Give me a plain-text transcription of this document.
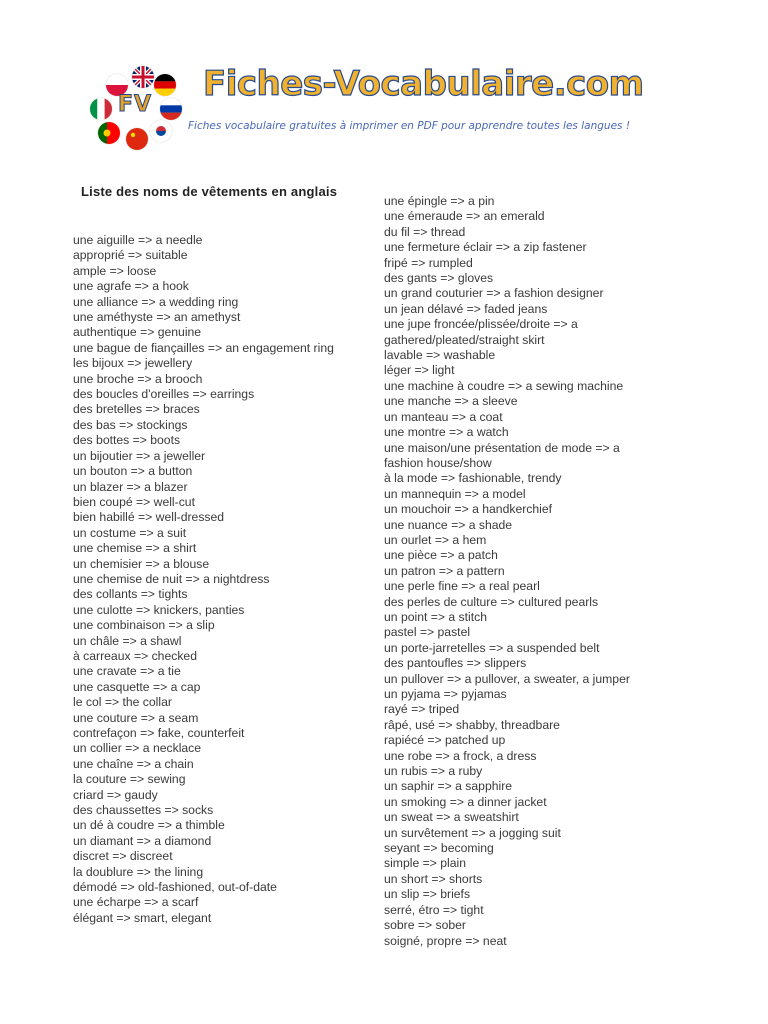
FV
Fiches-Vocabulaire.com
Fiches vocabulaire gratuites à imprimer en PDF pour apprendre toutes les langues !
Liste des noms de vêtements en anglais
une aiguille => a needle
approprié => suitable
ample => loose
une agrafe => a hook
une alliance => a wedding ring
une améthyste => an amethyst
authentique => genuine
une bague de fiançailles => an engagement ring
les bijoux => jewellery
une broche => a brooch
des boucles d'oreilles => earrings
des bretelles => braces
des bas => stockings
des bottes => boots
un bijoutier => a jeweller
un bouton => a button
un blazer => a blazer
bien coupé => well-cut
bien habillé => well-dressed
un costume => a suit
une chemise => a shirt
un chemisier => a blouse
une chemise de nuit => a nightdress
des collants => tights
une culotte => knickers, panties
une combinaison => a slip
un châle => a shawl
à carreaux => checked
une cravate => a tie
une casquette => a cap
le col => the collar
une couture => a seam
contrefaçon => fake, counterfeit
un collier => a necklace
une chaîne => a chain
la couture => sewing
criard => gaudy
des chaussettes => socks
un dé à coudre => a thimble
un diamant => a diamond
discret => discreet
la doublure => the lining
démodé => old-fashioned, out-of-date
une écharpe => a scarf
élégant => smart, elegant
une épingle => a pin
une émeraude => an emerald
du fil => thread
une fermeture éclair => a zip fastener
fripé => rumpled
des gants => gloves
un grand couturier => a fashion designer
un jean délavé => faded jeans
une jupe froncée/plissée/droite => a
gathered/pleated/straight skirt
lavable => washable
léger => light
une machine à coudre => a sewing machine
une manche => a sleeve
un manteau => a coat
une montre => a watch
une maison/une présentation de mode => a
fashion house/show
à la mode => fashionable, trendy
un mannequin => a model
un mouchoir => a handkerchief
une nuance => a shade
un ourlet => a hem
une pièce => a patch
un patron => a pattern
une perle fine => a real pearl
des perles de culture => cultured pearls
un point => a stitch
pastel => pastel
un porte-jarretelles => a suspended belt
des pantoufles => slippers
un pullover => a pullover, a sweater, a jumper
un pyjama => pyjamas
rayé => triped
râpé, usé => shabby, threadbare
rapiécé => patched up
une robe => a frock, a dress
un rubis => a ruby
un saphir => a sapphire
un smoking => a dinner jacket
un sweat => a sweatshirt
un survêtement => a jogging suit
seyant => becoming
simple => plain
un short => shorts
un slip => briefs
serré, étro => tight
sobre => sober
soigné, propre => neat
